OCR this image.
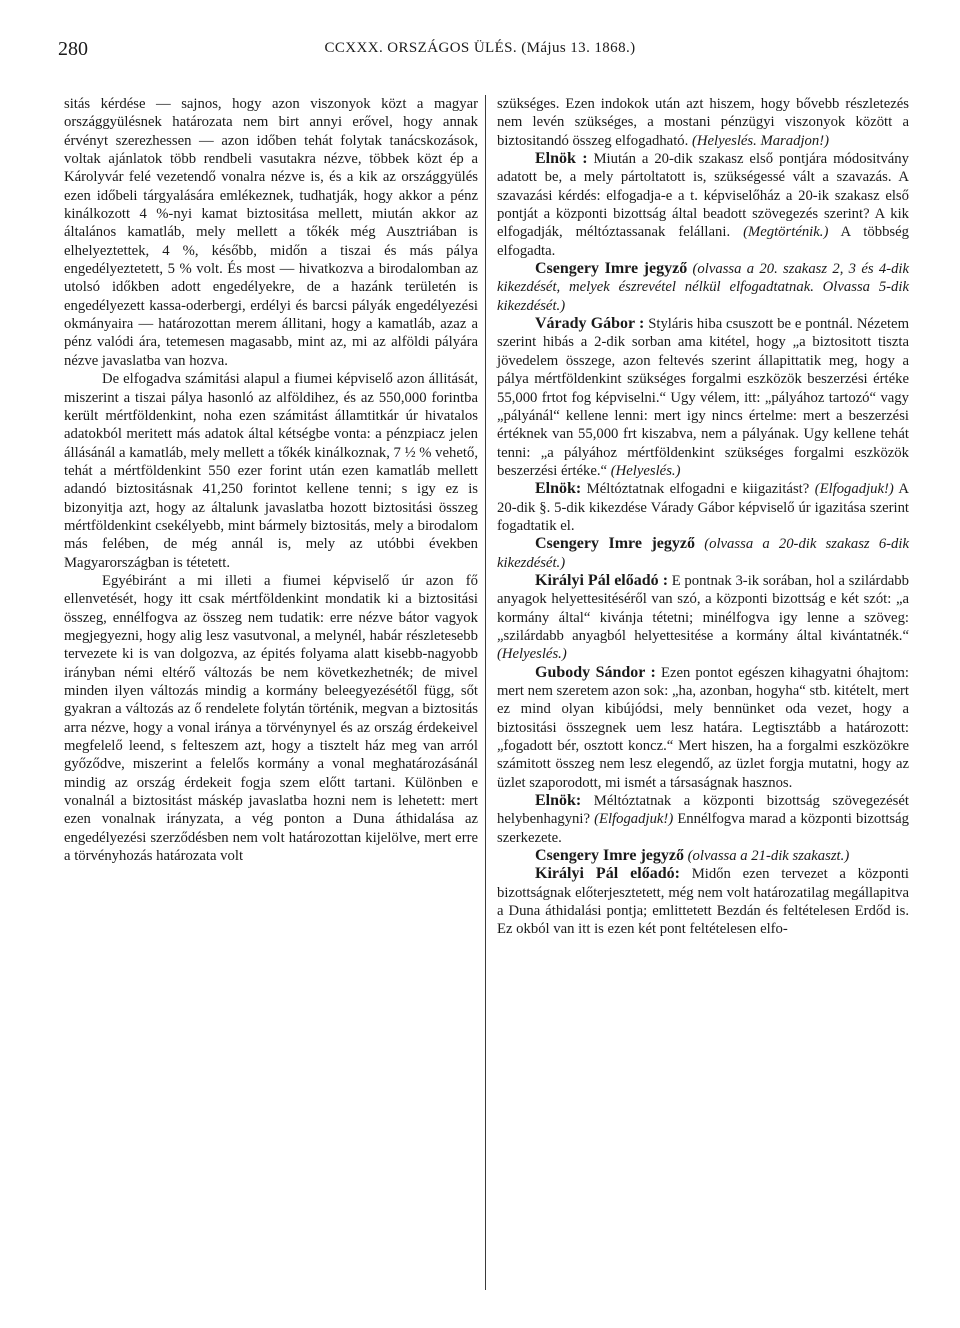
280	CCXXX. ORSZÁGOS ÜLÉS. (Május 13. 1868.)

sitás kérdése — sajnos, hogy azon viszonyok közt a magyar országgyülésnek határozata nem birt annyi erővel, hogy annak érvényt szerezhessen — azon időben tehát folytak tanácskozások, voltak ajánlatok több rendbeli vasutakra nézve, többek közt ép a Károlyvár felé vezetendő vonalra nézve is, és a kik az országgyülés ezen időbeli tárgyalására emlékeznek, tudhatják, hogy akkor a pénz kinálkozott 4 %-nyi kamat biztositása mellett, miután akkor az általános kamatláb, mely mellett a tőkék még Ausztriában is elhelyeztettek, 4 %, később, midőn a tiszai és más pálya engedélyeztetett, 5 % volt. És most — hivatkozva a birodalomban az utolsó időkben adott engedélyekre, de a hazánk területén is engedélyezett kassa-oderbergi, erdélyi és barcsi pályák engedélyezési okmányaira — határozottan merem állitani, hogy a kamatláb, azaz a pénz valódi ára, tetemesen magasabb, mint az, mi az alföldi pályára nézve javaslatba van hozva.

De elfogadva számitási alapul a fiumei képviselő azon állitását, miszerint a tiszai pálya hasonló az alföldihez, és az 550,000 forintba került mértföldenkint, noha ezen számitást államtitkár úr hivatalos adatokból meritett más adatok által kétségbe vonta: a pénzpiacz jelen állásánál a kamatláb, mely mellett a tőkék kinálkoznak, 7 ½ % vehető, tehát a mértföldenkint 550 ezer forint után ezen kamatláb mellett adandó biztositásnak 41,250 forintot kellene tenni; s igy ez is bizonyitja azt, hogy az általunk javaslatba hozott biztositási összeg mértföldenkint csekélyebb, mint bármely biztositás, mely a birodalom más felében, de még annál is, mely az utóbbi években Magyarországban is tétetett.

Egyébiránt a mi illeti a fiumei képviselő úr azon fő ellenvetését, hogy itt csak mértföldenkint mondatik ki a biztositási összeg, ennélfogva az összeg nem tudatik: erre nézve bátor vagyok megjegyezni, hogy alig lesz vasutvonal, a melynél, habár részletesebb tervezete ki is van dolgozva, az épités folyama alatt kisebb-nagyobb irányban némi eltérő változás be nem következhetnék; de mivel minden ilyen változás mindig a kormány beleegyezésétől függ, sőt gyakran a változás az ő rendelete folytán történik, megvan a biztositás arra nézve, hogy a vonal iránya a törvénynyel és az ország érdekeivel megfelelő leend, s felteszem azt, hogy a tisztelt ház meg van arról győződve, miszerint a felelős kormány a vonal meghatározásánál mindig az ország érdekeit fogja szem előtt tartani. Különben e vonalnál a biztositást máskép javaslatba hozni nem is lehetett: mert ezen vonalnak irányzata, a vég ponton a Duna áthidalása az engedélyezési szerződésben nem volt határozottan kijelölve, mert erre a törvényhozás határozata volt

szükséges. Ezen indokok után azt hiszem, hogy bővebb részletezés nem levén szükséges, a mostani pénzügyi viszonyok között a biztositandó összeg elfogadható. (Helyeslés. Maradjon!)

Elnök : Miután a 20-dik szakasz első pontjára módositvány adatott be, a mely pártoltatott is, szükségessé vált a szavazás. A szavazási kérdés: elfogadja-e a t. képviselőház a 20-ik szakasz első pontját a központi bizottság által beadott szövegezés szerint? A kik elfogadják, méltóztassanak felállani. (Megtörténik.) A többség elfogadta.

Csengery Imre jegyző (olvassa a 20. szakasz 2, 3 és 4-dik kikezdését, melyek észrevétel nélkül elfogadtatnak. Olvassa 5-dik kikezdését.)

Várady Gábor : Styláris hiba csuszott be e pontnál. Nézetem szerint hibás a 2-dik sorban ama kitétel, hogy „a biztositott tiszta jövedelem összege, azon feltevés szerint állapittatik meg, hogy a pálya mértföldenkint szükséges forgalmi eszközök beszerzési értéke 55,000 frtot fog képviselni.“ Ugy vélem, itt: „pályához tartozó“ vagy „pályánál“ kellene lenni: mert igy nincs értelme: mert a beszerzési értéknek van 55,000 frt kiszabva, nem a pályának. Ugy kellene tehát tenni: „a pályához mértföldenkint szükséges forgalmi eszközök beszerzési értéke.“ (Helyeslés.)

Elnök: Méltóztatnak elfogadni e kiigazitást? (Elfogadjuk!) A 20-dik §. 5-dik kikezdése Várady Gábor képviselő úr igazitása szerint fogadtatik el.

Csengery Imre jegyző (olvassa a 20-dik szakasz 6-dik kikezdését.)

Királyi Pál előadó : E pontnak 3-ik sorában, hol a szilárdabb anyagok helyettesitéséről van szó, a központi bizottság e két szót: „a kormány által“ kivánja tétetni; minélfogva igy lenne a szöveg: „szilárdabb anyagból helyettesitése a kormány által kivántatnék.“ (Helyeslés.)

Gubody Sándor : Ezen pontot egészen kihagyatni óhajtom: mert nem szeretem azon sok: „ha, azonban, hogyha“ stb. kitételt, mert ez mind olyan kibújódsi, mely bennünket oda vezet, hogy a biztositási összegnek uem lesz határa. Legtisztább a határozott: „fogadott bér, osztott koncz.“ Mert hiszen, ha a forgalmi eszközökre számitott összeg nem lesz elegendő, az üzlet forgja mutatni, hogy az üzlet szaporodott, mi ismét a társaságnak hasznos.

Elnök: Méltóztatnak a központi bizottság szövegezését helybenhagyni? (Elfogadjuk!) Ennélfogva marad a központi bizottság szerkezete.

Csengery Imre jegyző (olvassa a 21-dik szakaszt.)

Királyi Pál előadó: Midőn ezen tervezet a központi bizottságnak előterjesztetett, még nem volt határozatilag megállapitva a Duna áthidalási pontja; emlittetett Bezdán és feltételesen Erdőd is. Ez okból van itt is ezen két pont feltételesen elfo-
